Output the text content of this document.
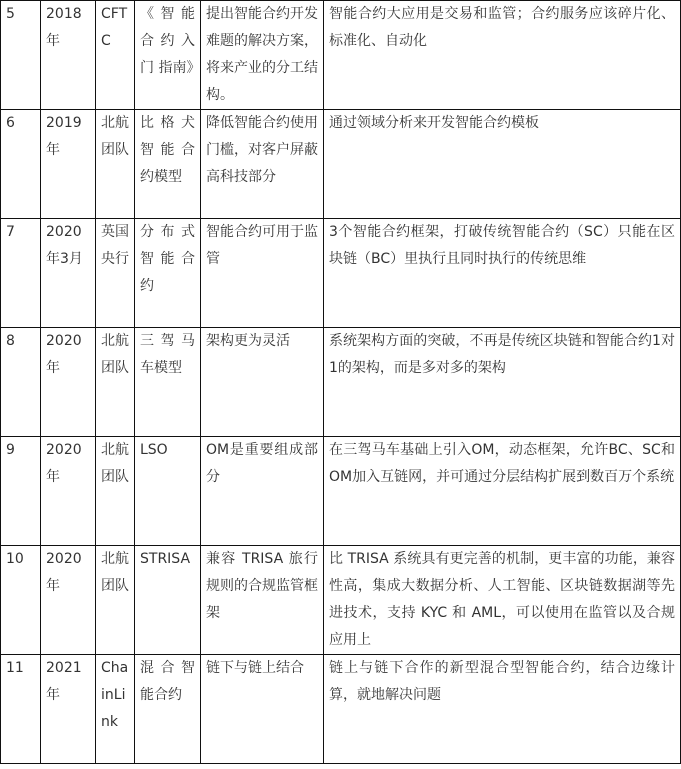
5	2018年	CFTC	《智能合约入门 指南》	提出智能合约开发难题的解决方案，将来产业的分工结构。	智能合约大应用是交易和监管；合约服务应该碎片化、标准化、自动化
6	2019年	北航团队	比格犬智能合约模型	降低智能合约使用门槛，对客户屏蔽高科技部分	通过领域分析来开发智能合约模板
7	2020年3月	英国央行	分布式智能合约	智能合约可用于监管	3个智能合约框架，打破传统智能合约（SC）只能在区块链（BC）里执行且同时执行的传统思维
8	2020年	北航团队	三驾马车模型	架构更为灵活	系统架构方面的突破，不再是传统区块链和智能合约1对1的架构，而是多对多的架构
9	2020年	北航团队	LSO	OM是重要组成部分	在三驾马车基础上引入OM，动态框架，允许BC、SC和OM加入互链网，并可通过分层结构扩展到数百万个系统
10	2020年	北航团队	STRISA	兼容 TRISA 旅行规则的合规监管框架	比 TRISA 系统具有更完善的机制，更丰富的功能，兼容性高，集成大数据分析、人工智能、区块链数据湖等先进技术，支持 KYC 和 AML，可以使用在监管以及合规应用上
11	2021年	ChainLink	混合智能合约	链下与链上结合	链上与链下合作的新型混合型智能合约，结合边缘计算，就地解决问题
